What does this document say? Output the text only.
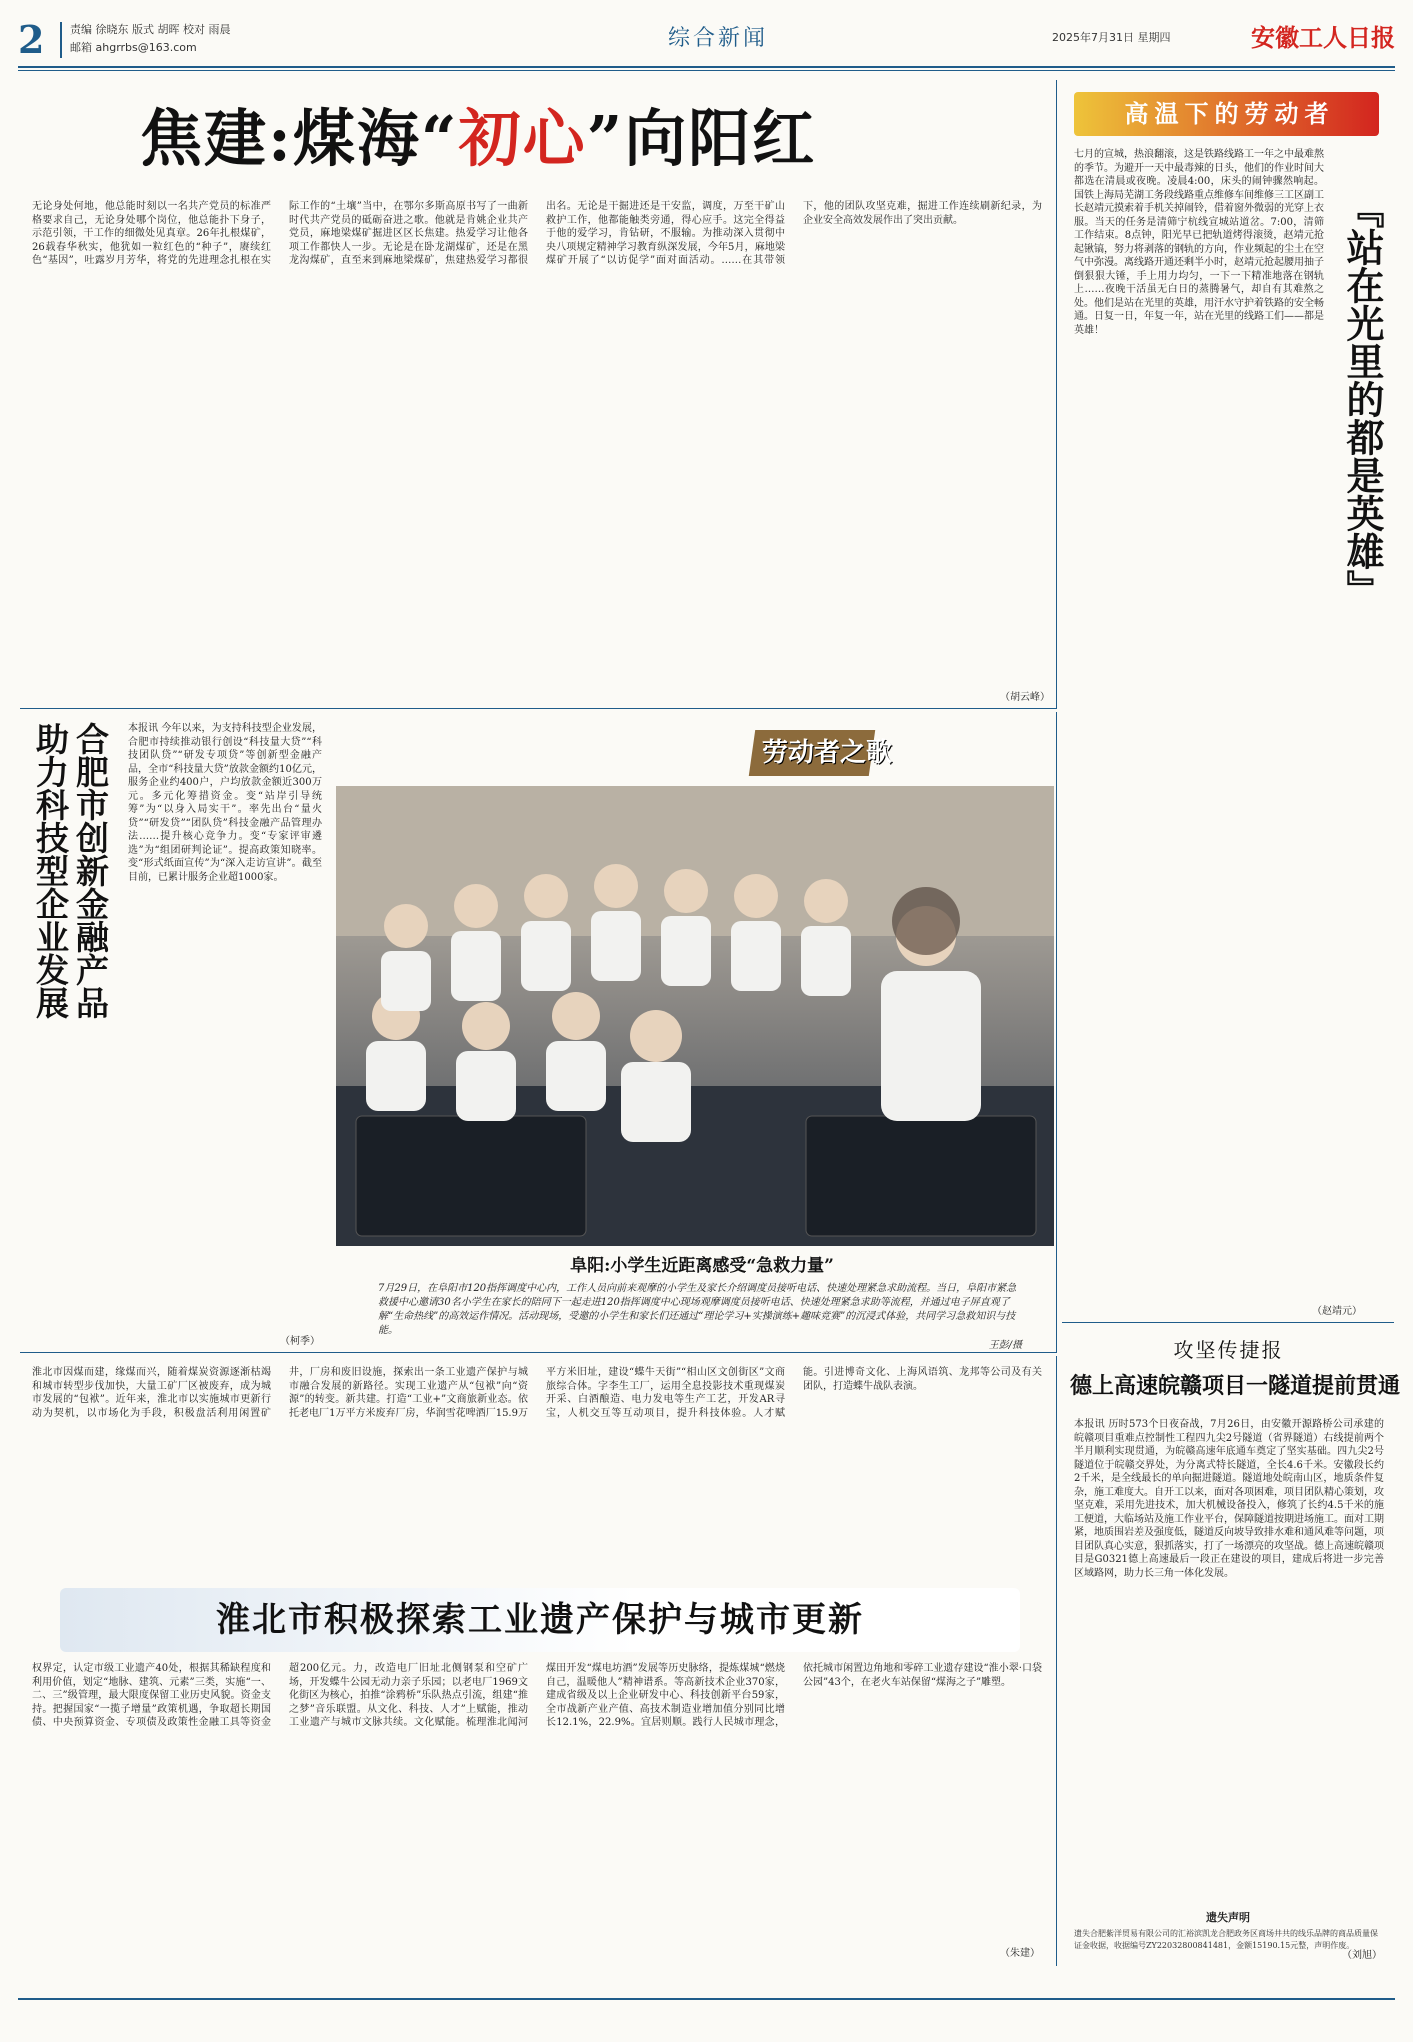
2	责编 徐晓东 版式 胡晖 校对 雨晨
邮箱 ahgrrbs@163.com	综合新闻	2025年7月31日 星期四	安徽工人日报
焦建:煤海“初心”向阳红
无论身处何地，他总能时刻以一名共产党员的标准严格要求自己，无论身处哪个岗位，他总能扑下身子，示范引领，干工作的细微处见真章。26年扎根煤矿，26载春华秋实，他犹如一粒红色的“种子”，赓续红色“基因”，吐露岁月芳华，将党的先进理念扎根在实际工作的“土壤”当中，在鄂尔多斯高原书写了一曲新时代共产党员的砥砺奋进之歌。他就是肯姚企业共产党员，麻地梁煤矿掘进区区长焦建。热爱学习让他各项工作都快人一步。无论是在卧龙湖煤矿，还是在黑龙沟煤矿，直至来到麻地梁煤矿，焦建热爱学习都很出名。无论是干掘进还是干安监，调度，万至干矿山救护工作，他都能触类旁通，得心应手。这完全得益于他的爱学习，肯钻研，不服输。为推动深入贯彻中央八项规定精神学习教育纵深发展，今年5月，麻地梁煤矿开展了“以访促学”面对面活动。……在其带领下，他的团队攻坚克难，掘进工作连续刷新纪录，为企业安全高效发展作出了突出贡献。
（胡云峰）
合肥市创新金融产品助力科技型企业发展	本报讯 今年以来，为支持科技型企业发展，合肥市持续推动银行创设“科技量大贷”“科技团队贷”“研发专项贷”等创新型金融产品，全市“科技量大贷”放款金额约10亿元，服务企业约400户，户均放款金额近300万元。多元化筹措资金。变“站岸引导统筹”为“以身入局实干”。率先出台“量火贷”“研发贷”“团队贷”科技金融产品管理办法……提升核心竞争力。变“专家评审遴选”为“组团研判论证”。提高政策知晓率。变“形式纸面宣传”为“深入走访宣讲”。截至目前，已累计服务企业超1000家。
（柯季）
劳动者之歌
阜阳:小学生近距离感受“急救力量”
7月29日，在阜阳市120指挥调度中心内，工作人员向前来观摩的小学生及家长介绍调度员接听电话、快速处理紧急求助流程。当日，阜阳市紧急救援中心邀请30名小学生在家长的陪同下一起走进120指挥调度中心现场观摩调度员接听电话、快速处理紧急求助等流程，并通过电子屏直观了解“生命热线”的高效运作情况。活动现场，受邀的小学生和家长们还通过“理论学习+实操演练+趣味竞赛”的沉浸式体验，共同学习急救知识与技能。
王彭/摄
高温下的劳动者
『站在光里的都是英雄』
七月的宣城，热浪翻滚，这是铁路线路工一年之中最难熬的季节。为避开一天中最毒辣的日头，他们的作业时间大都选在清晨或夜晚。凌晨4:00，床头的闹钟骤然响起。国铁上海局芜湖工务段线路重点维修车间维修三工区副工长赵靖元摸索着手机关掉闹铃，借着窗外微弱的光穿上衣服。当天的任务是清筛宁杭线宣城站道岔。7:00，清筛工作结束。8点钟，阳光早已把轨道烤得滚烫，赵靖元抢起锹镐，努力将剥落的钢轨的方向，作业频起的尘土在空气中弥漫。离线路开通还剩半小时，赵靖元抢起腰用抽子倒狠狠大锤，手上用力均匀，一下一下精准地落在钢轨上……夜晚干活虽无白日的蒸腾暑气，却自有其难熬之处。他们是站在光里的英雄，用汗水守护着铁路的安全畅通。日复一日，年复一年，站在光里的线路工们——都是英雄！
（赵靖元）
攻坚传捷报
德上高速皖赣项目一隧道提前贯通
本报讯 历时573个日夜奋战，7月26日，由安徽开源路桥公司承建的皖赣项目重难点控制性工程四九尖2号隧道（省界隧道）右线提前两个半月顺利实现贯通，为皖赣高速年底通车奠定了坚实基础。四九尖2号隧道位于皖赣交界处，为分离式特长隧道，全长4.6千米。安徽段长约2千米，是全线最长的单向掘进隧道。隧道地处皖南山区，地质条件复杂，施工难度大。自开工以来，面对各项困难，项目团队精心策划，攻坚克难，采用先进技术，加大机械设备投入，修筑了长约4.5千米的施工便道，大临场站及施工作业平台，保障隧道按期进场施工。面对工期紧，地质围岩差及强度低，隧道反向坡导致排水难和通风难等问题，项目团队真心实意，狠抓落实，打了一场漂亮的攻坚战。德上高速皖赣项目是G0321德上高速最后一段正在建设的项目，建成后将进一步完善区域路网，助力长三角一体化发展。
（刘旭）
淮北市因煤而建，缘煤而兴，随着煤炭资源逐渐枯竭和城市转型步伐加快，大量工矿厂区被废弃，成为城市发展的“包袱”。近年来，淮北市以实施城市更新行动为契机，以市场化为手段，积极盘活利用闲置矿井，厂房和废旧设施，探索出一条工业遗产保护与城市融合发展的新路径。实现工业遗产从“包袱”向“资源”的转变。新共建。打造“工业+”文商旅新业态。依托老电厂1万平方米废弃厂房，华润雪花啤酒厂15.9万平方米旧址，建设“蝶牛天街”“相山区文创街区”文商旅综合体。字李生工厂，运用全息投影技术重现煤炭开采、白酒酿造、电力发电等生产工艺，开发AR寻宝，人机交互等互动项目，提升科技体验。人才赋能。引进博奇文化、上海风语筑、龙邦等公司及有关团队，打造蝶牛战队表演。
淮北市积极探索工业遗产保护与城市更新
权界定，认定市级工业遗产40处，根据其稀缺程度和利用价值，划定“地脉、建筑、元素”三类，实施“一、二、三”级管理，最大限度保留工业历史风貌。资金支持。把握国家“一揽子增量”政策机遇，争取超长期国债、中央预算资金、专项债及政策性金融工具等资金超200亿元。力，改造电厂旧址北侧钢泵和空矿广场，开发蝶牛公园无动力亲子乐园；以老电厂1969文化街区为核心，拍推“涂鸦桥”乐队热点引流，组建“推之梦”音乐联盟。从文化、科技、人才”上赋能，推动工业遗产与城市文脉共续。文化赋能。梳理淮北闻河煤田开发“煤电坊酒”发展等历史脉络，提炼煤城“燃烧自己，温暖他人”精神谱系。等高新技术企业370家，建成省级及以上企业研发中心、科技创新平台59家，全市战新产业产值、高技术制造业增加值分别同比增长12.1%，22.9%。宜居则顺。践行人民城市理念，依托城市闲置边角地和零碎工业遗存建设“淮小翠·口袋公园”43个，在老火车站保留“煤海之子”雕塑。
（朱建）
遗失声明
遗失合肥紫洋贸易有限公司的汇裕滨凯龙合肥政务区商场井共的线乐品牌的商品质量保证金收据，收据编号ZY22032800841481，金额15190.15元整，声明作废。
